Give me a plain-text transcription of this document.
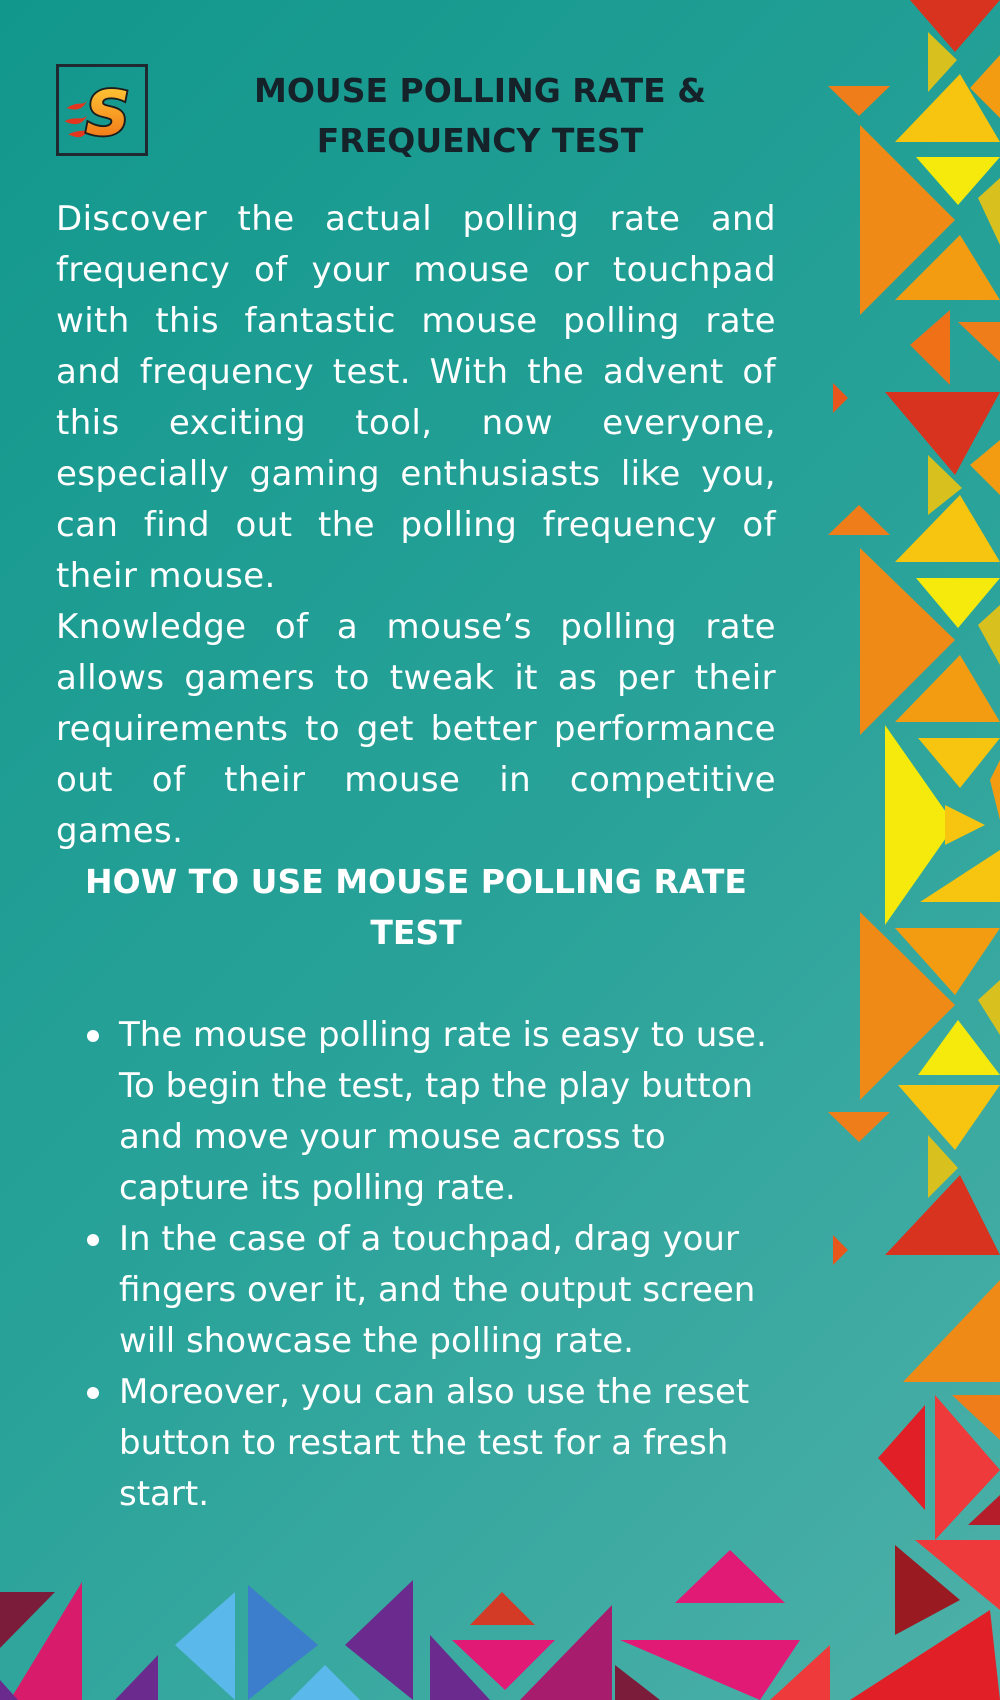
S	MOUSE POLLING RATE &
FREQUENCY TEST

Discover the actual polling rate and frequency of your mouse or touchpad with this fantastic mouse polling rate and frequency test. With the advent of this exciting tool, now everyone, especially gaming enthusiasts like you, can find out the polling frequency of their mouse.

Knowledge of a mouse’s polling rate allows gamers to tweak it as per their requirements to get better performance out of their mouse in competitive games.

HOW TO USE MOUSE POLLING RATE
TEST
The mouse polling rate is easy to use. To begin the test, tap the play button and move your mouse across to capture its polling rate.
In the case of a touchpad, drag your fingers over it, and the output screen will showcase the polling rate.
Moreover, you can also use the reset button to restart the test for a fresh start.
